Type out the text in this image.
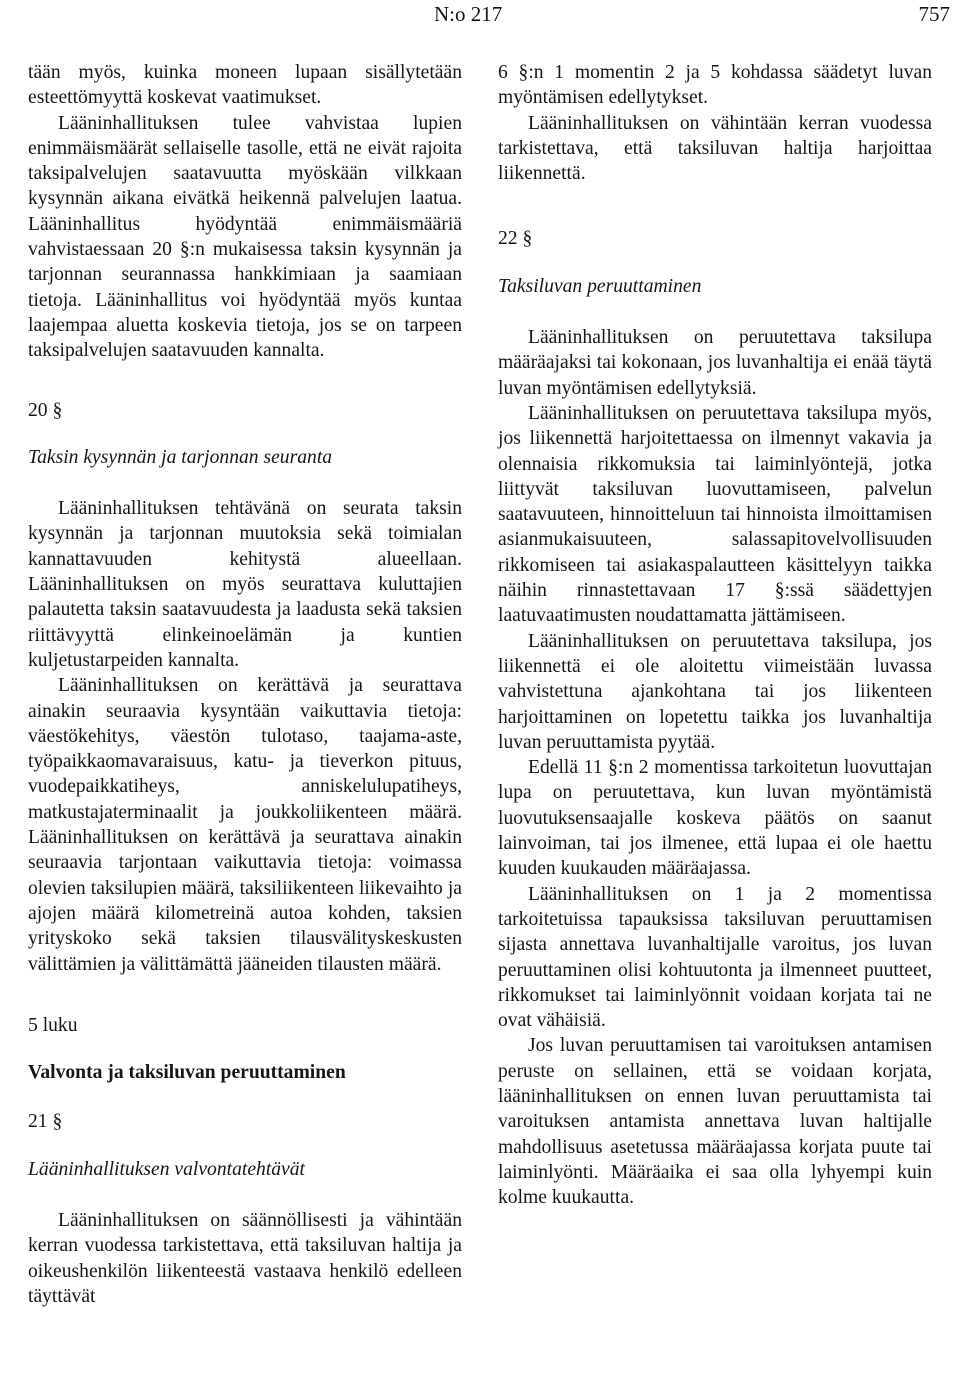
N:o 217	757

tään myös, kuinka moneen lupaan sisällytetään esteettömyyttä koskevat vaatimukset.

Lääninhallituksen tulee vahvistaa lupien enimmäismäärät sellaiselle tasolle, että ne eivät rajoita taksipalvelujen saatavuutta myöskään vilkkaan kysynnän aikana eivätkä heikennä palvelujen laatua. Lääninhallitus hyödyntää enimmäismääriä vahvistaessaan 20 §:n mukaisessa taksin kysynnän ja tarjonnan seurannassa hankkimiaan ja saamiaan tietoja. Lääninhallitus voi hyödyntää myös kuntaa laajempaa aluetta koskevia tietoja, jos se on tarpeen taksipalvelujen saatavuuden kannalta.

20 §

Taksin kysynnän ja tarjonnan seuranta

Lääninhallituksen tehtävänä on seurata taksin kysynnän ja tarjonnan muutoksia sekä toimialan kannattavuuden kehitystä alueellaan. Lääninhallituksen on myös seurattava kuluttajien palautetta taksin saatavuudesta ja laadusta sekä taksien riittävyyttä elinkeinoelämän ja kuntien kuljetustarpeiden kannalta.

Lääninhallituksen on kerättävä ja seurattava ainakin seuraavia kysyntään vaikuttavia tietoja: väestökehitys, väestön tulotaso, taajama-aste, työpaikkaomavaraisuus, katu- ja tieverkon pituus, vuodepaikkatiheys, anniskelulupatiheys, matkustajaterminaalit ja joukkoliikenteen määrä. Lääninhallituksen on kerättävä ja seurattava ainakin seuraavia tarjontaan vaikuttavia tietoja: voimassa olevien taksilupien määrä, taksiliikenteen liikevaihto ja ajojen määrä kilometreinä autoa kohden, taksien yrityskoko sekä taksien tilausvälityskeskusten välittämien ja välittämättä jääneiden tilausten määrä.

5 luku

Valvonta ja taksiluvan peruuttaminen

21 §

Lääninhallituksen valvontatehtävät

Lääninhallituksen on säännöllisesti ja vähintään kerran vuodessa tarkistettava, että taksiluvan haltija ja oikeushenkilön liikenteestä vastaava henkilö edelleen täyttävät

6 §:n 1 momentin 2 ja 5 kohdassa säädetyt luvan myöntämisen edellytykset.

Lääninhallituksen on vähintään kerran vuodessa tarkistettava, että taksiluvan haltija harjoittaa liikennettä.

22 §

Taksiluvan peruuttaminen

Lääninhallituksen on peruutettava taksilupa määräajaksi tai kokonaan, jos luvanhaltija ei enää täytä luvan myöntämisen edellytyksiä.

Lääninhallituksen on peruutettava taksilupa myös, jos liikennettä harjoitettaessa on ilmennyt vakavia ja olennaisia rikkomuksia tai laiminlyöntejä, jotka liittyvät taksiluvan luovuttamiseen, palvelun saatavuuteen, hinnoitteluun tai hinnoista ilmoittamisen asianmukaisuuteen, salassapitovelvollisuuden rikkomiseen tai asiakaspalautteen käsittelyyn taikka näihin rinnastettavaan 17 §:ssä säädettyjen laatuvaatimusten noudattamatta jättämiseen.

Lääninhallituksen on peruutettava taksilupa, jos liikennettä ei ole aloitettu viimeistään luvassa vahvistettuna ajankohtana tai jos liikenteen harjoittaminen on lopetettu taikka jos luvanhaltija luvan peruuttamista pyytää.

Edellä 11 §:n 2 momentissa tarkoitetun luovuttajan lupa on peruutettava, kun luvan myöntämistä luovutuksensaajalle koskeva päätös on saanut lainvoiman, tai jos ilmenee, että lupaa ei ole haettu kuuden kuukauden määräajassa.

Lääninhallituksen on 1 ja 2 momentissa tarkoitetuissa tapauksissa taksiluvan peruuttamisen sijasta annettava luvanhaltijalle varoitus, jos luvan peruuttaminen olisi kohtuutonta ja ilmenneet puutteet, rikkomukset tai laiminlyönnit voidaan korjata tai ne ovat vähäisiä.

Jos luvan peruuttamisen tai varoituksen antamisen peruste on sellainen, että se voidaan korjata, lääninhallituksen on ennen luvan peruuttamista tai varoituksen antamista annettava luvan haltijalle mahdollisuus asetetussa määräajassa korjata puute tai laiminlyönti. Määräaika ei saa olla lyhyempi kuin kolme kuukautta.
